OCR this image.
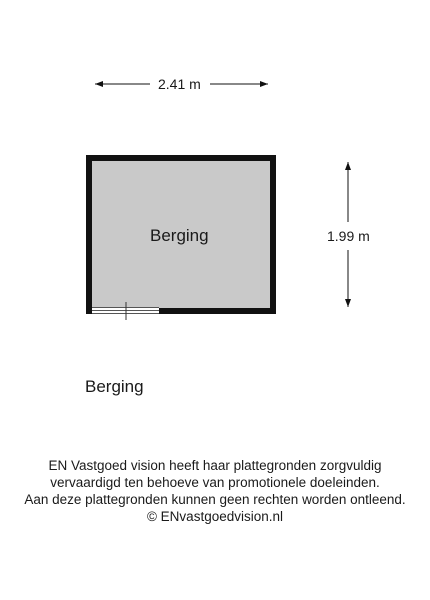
2.41 m
1.99 m
Berging
Berging
EN Vastgoed vision heeft haar plattegronden zorgvuldig
vervaardigd ten behoeve van promotionele doeleinden.
Aan deze plattegronden kunnen geen rechten worden ontleend.
© ENvastgoedvision.nl
